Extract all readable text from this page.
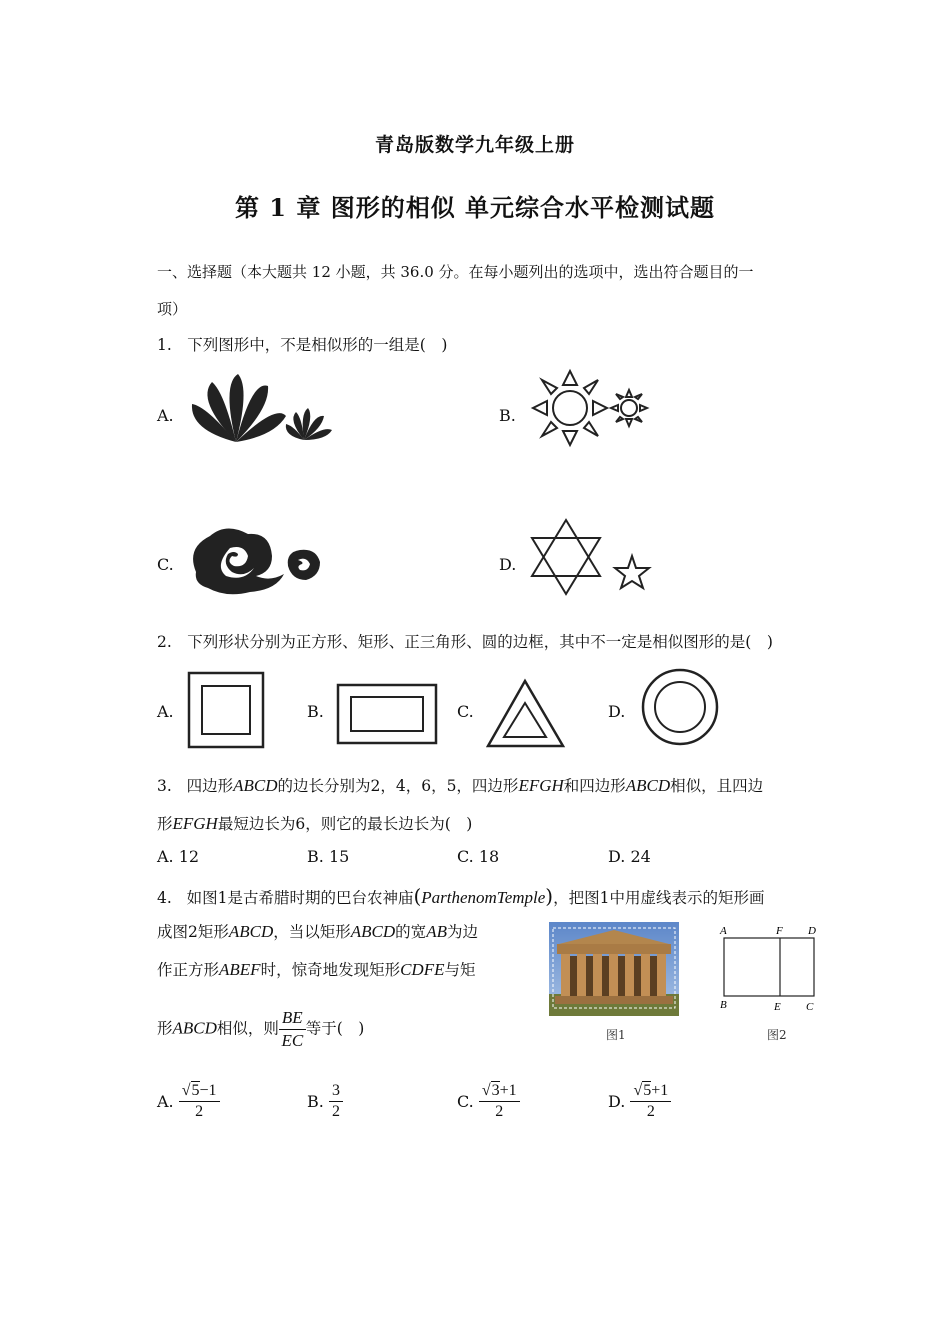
青岛版数学九年级上册
第 1 章 图形的相似 单元综合水平检测试题
一、选择题（本大题共 12 小题，共 36.0 分。在每小题列出的选项中，选出符合题目的一
项）
1.　下列图形中，不是相似形的一组是(　)
A.	B.
C.	D.
2.　下列形状分别为正方形、矩形、正三角形、圆的边框，其中不一定是相似图形的是(　)
A.	B.	C.	D.
3. 四边形ABCD的边长分别为2，4，6，5，四边形EFGH和四边形ABCD相似，且四边
形EFGH最短边长为6，则它的最长边长为(　)
A. 12	B. 15	C. 18	D. 24
4. 如图1是古希腊时期的巴台农神庙(ParthenomTemple)，把图1中用虚线表示的矩形画
成图2矩形ABCD，当以矩形ABCD的宽AB为边
作正方形ABEF时，惊奇地发现矩形CDFE与矩
形ABCD相似，则 $\frac{BE}{EC}$ 等于(　)	图1
A	F D
B	E C
图2
A. $\frac{√5-1}{2}$	B. $\frac{3}{2}$	C. $\frac{√3+1}{2}$	D. $\frac{√5+1}{2}$
